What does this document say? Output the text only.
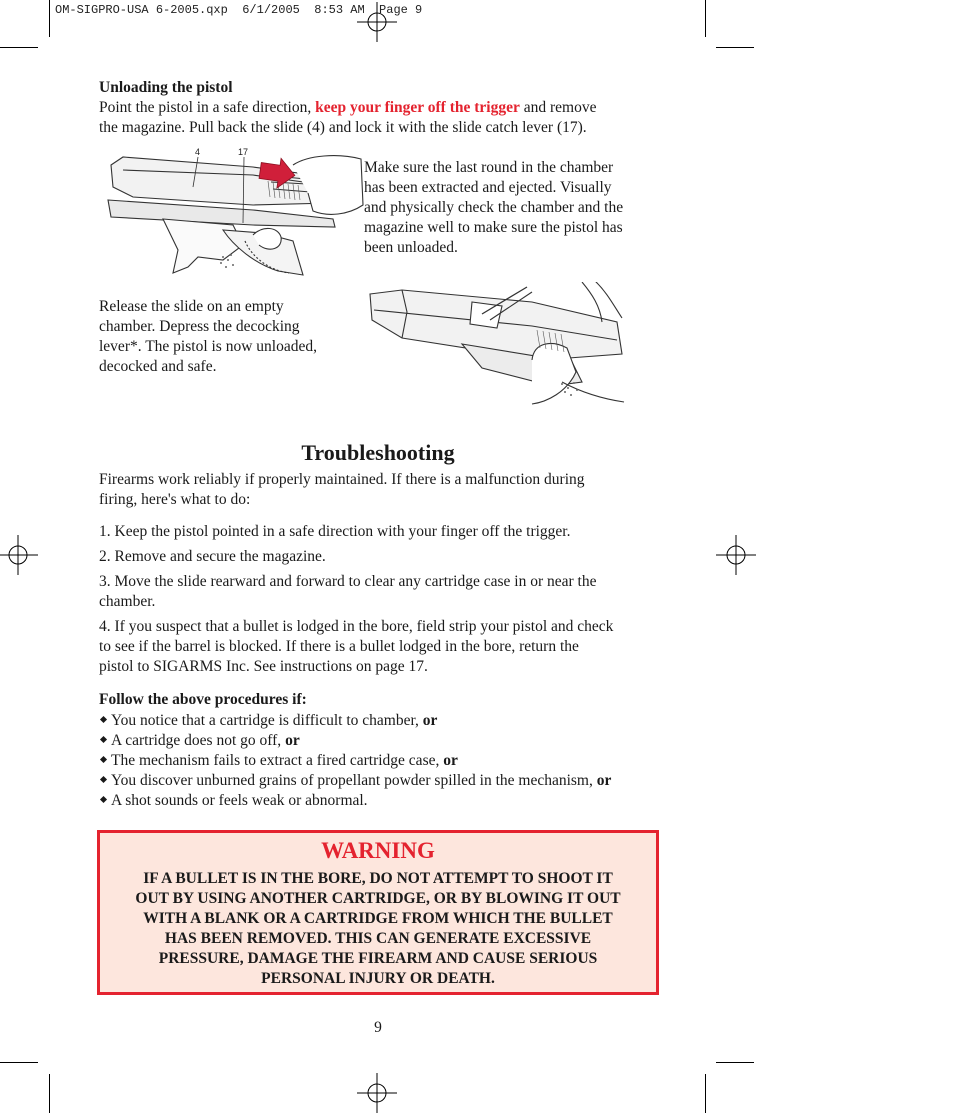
OM-SIGPRO-USA 6-2005.qxp  6/1/2005  8:53 AM  Page 9

Unloading the pistol

Point the pistol in a safe direction, keep your finger off the trigger and remove

the magazine. Pull back the slide (4) and lock it with the slide catch lever (17).

4	17

Make sure the last round in the chamber
has been extracted and ejected. Visually
and physically check the chamber and the
magazine well to make sure the pistol has
been unloaded.

Release the slide on an empty
chamber. Depress the decocking
lever*. The pistol is now unloaded,
decocked and safe.

Troubleshooting

Firearms work reliably if properly maintained. If there is a malfunction during
firing, here's what to do:

1. Keep the pistol pointed in a safe direction with your finger off the trigger.

2. Remove and secure the magazine.

3. Move the slide rearward and forward to clear any cartridge case in or near the
chamber.

4. If you suspect that a bullet is lodged in the bore, field strip your pistol and check
to see if the barrel is blocked. If there is a bullet lodged in the bore, return the
pistol to SIGARMS Inc. See instructions on page 17.

Follow the above procedures if:

You notice that a cartridge is difficult to chamber, or
A cartridge does not go off, or
The mechanism fails to extract a fired cartridge case, or
You discover unburned grains of propellant powder spilled in the mechanism, or
A shot sounds or feels weak or abnormal.
WARNING
IF A BULLET IS IN THE BORE, DO NOT ATTEMPT TO SHOOT IT
OUT BY USING ANOTHER CARTRIDGE, OR BY BLOWING IT OUT
WITH A BLANK OR A CARTRIDGE FROM WHICH THE BULLET
HAS BEEN REMOVED. THIS CAN GENERATE EXCESSIVE
PRESSURE, DAMAGE THE FIREARM AND CAUSE SERIOUS
PERSONAL INJURY OR DEATH.
9
